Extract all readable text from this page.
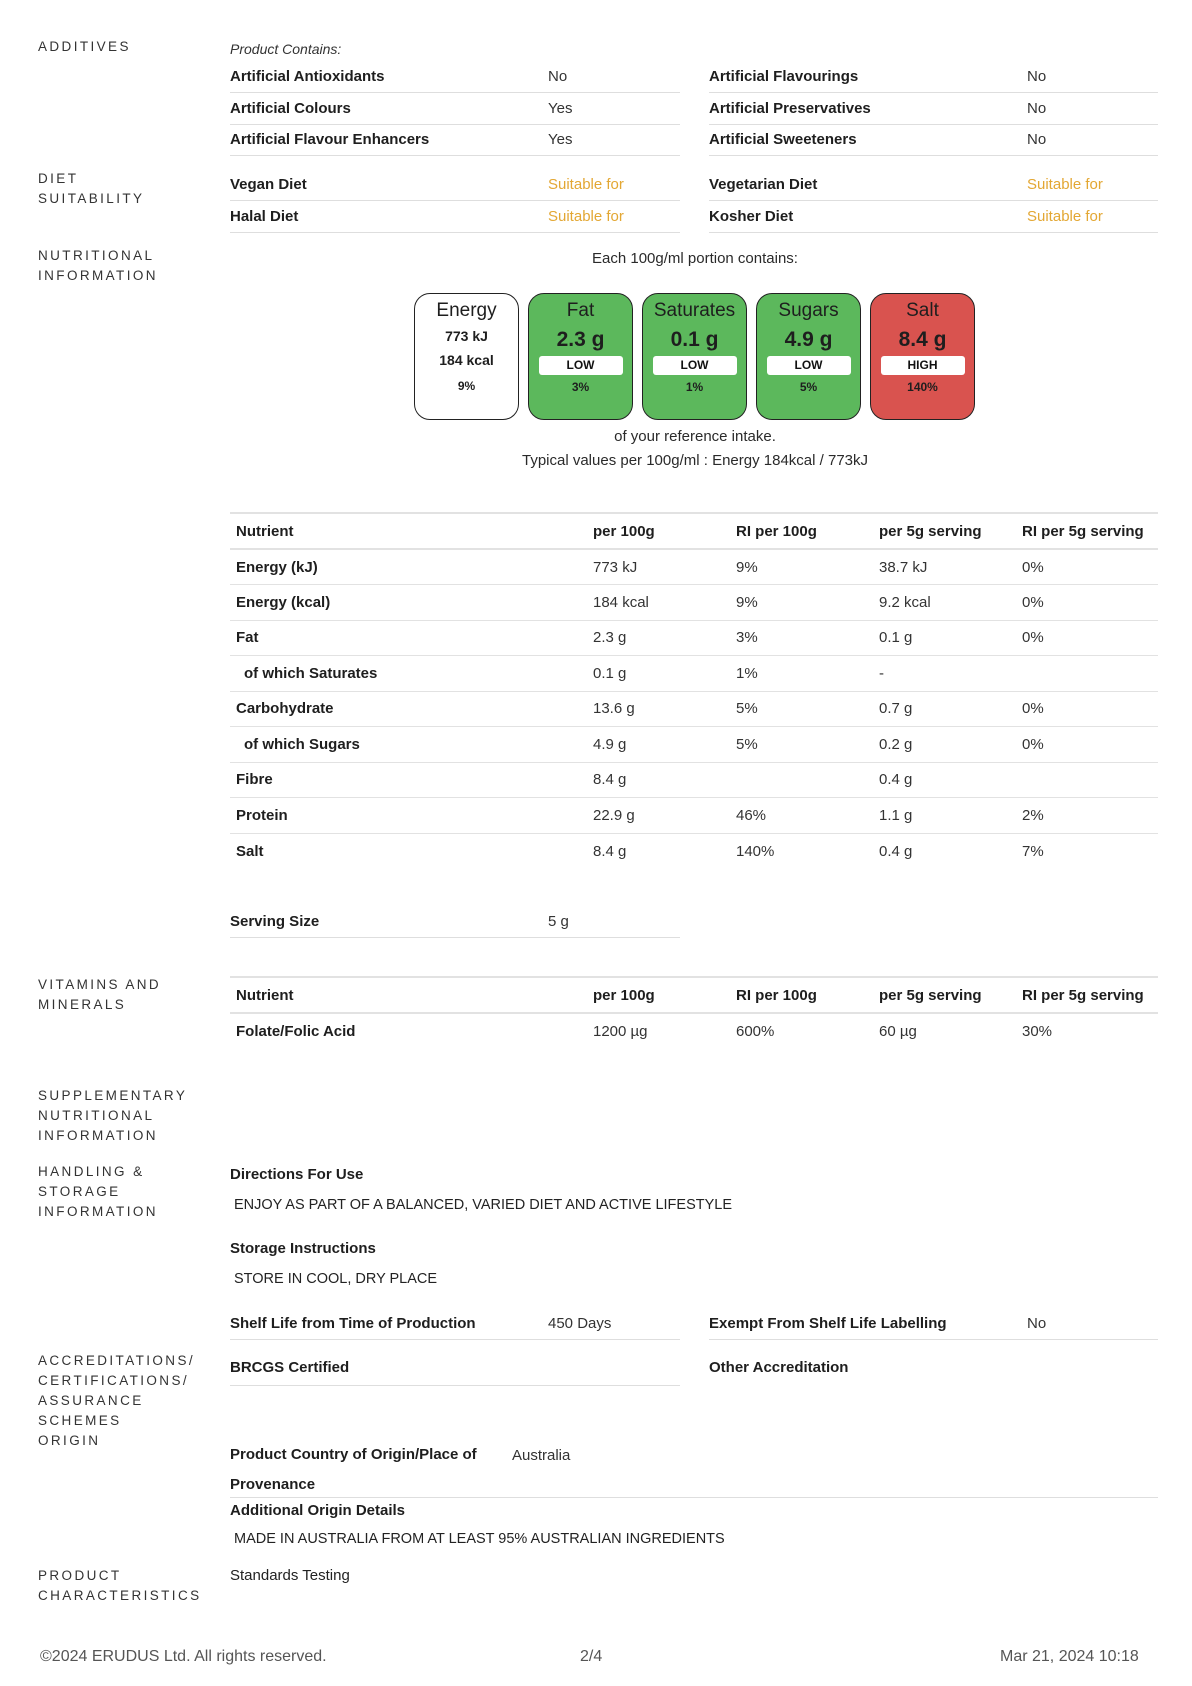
ADDITIVES
DIET
SUITABILITY
NUTRITIONAL
INFORMATION
VITAMINS AND
MINERALS
SUPPLEMENTARY
NUTRITIONAL
INFORMATION
HANDLING &
STORAGE
INFORMATION
ACCREDITATIONS/
CERTIFICATIONS/
ASSURANCE
SCHEMES
ORIGIN
PRODUCT
CHARACTERISTICS
Product Contains:
Artificial Antioxidants	No	Artificial Flavourings	No
Artificial Colours	Yes	Artificial Preservatives	No
Artificial Flavour Enhancers	Yes	Artificial Sweeteners	No
Vegan Diet	Suitable for	Vegetarian Diet	Suitable for
Halal Diet	Suitable for	Kosher Diet	Suitable for
Each 100g/ml portion contains:
Energy
773 kJ
184 kcal
9%
Fat
2.3 g
LOW
3%
Saturates
0.1 g
LOW
1%
Sugars
4.9 g
LOW
5%
Salt
8.4 g
HIGH
140%
of your reference intake.
Typical values per 100g/ml : Energy 184kcal / 773kJ
Nutrient	per 100g	RI per 100g	per 5g serving	RI per 5g serving
Energy (kJ)	773 kJ	9%	38.7 kJ	0%
Energy (kcal)	184 kcal	9%	9.2 kcal	0%
Fat	2.3 g	3%	0.1 g	0%
of which Saturates	0.1 g	1%	-	
Carbohydrate	13.6 g	5%	0.7 g	0%
of which Sugars	4.9 g	5%	0.2 g	0%
Fibre	8.4 g		0.4 g	
Protein	22.9 g	46%	1.1 g	2%
Salt	8.4 g	140%	0.4 g	7%
Serving Size	5 g
Nutrient	per 100g	RI per 100g	per 5g serving	RI per 5g serving
Folate/Folic Acid	1200 µg	600%	60 µg	30%
Directions For Use
ENJOY AS PART OF A BALANCED, VARIED DIET AND ACTIVE LIFESTYLE
Storage Instructions
STORE IN COOL, DRY PLACE
Shelf Life from Time of Production	450 Days	Exempt From Shelf Life Labelling	No
BRCGS Certified	Other Accreditation
Product Country of Origin/Place of
Provenance
Australia
Additional Origin Details
MADE IN AUSTRALIA FROM AT LEAST 95% AUSTRALIAN INGREDIENTS
Standards Testing
©2024 ERUDUS Ltd. All rights reserved.	2/4	Mar 21, 2024 10:18
